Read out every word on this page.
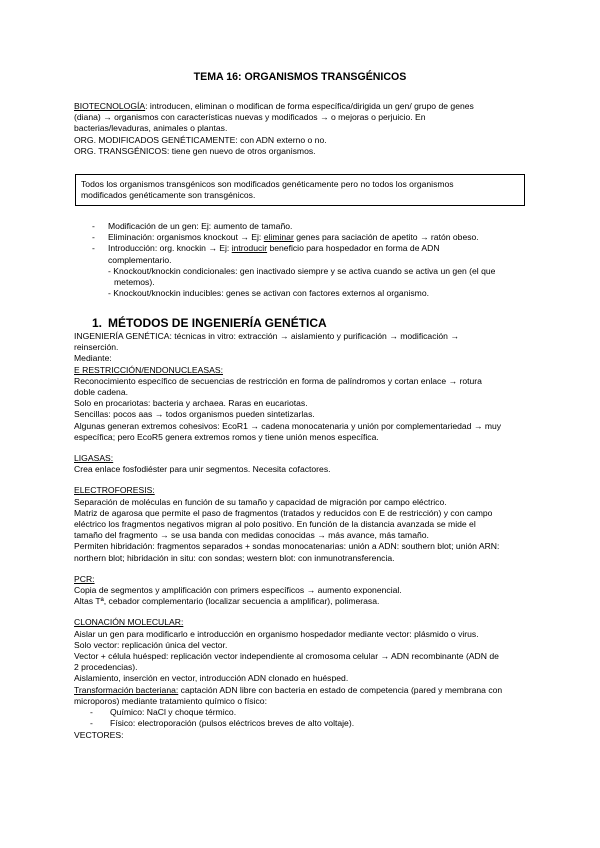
TEMA 16: ORGANISMOS TRANSGÉNICOS
BIOTECNOLOGÍA: introducen, eliminan o modifican de forma específica/dirigida un gen/ grupo de genes
(diana) → organismos con características nuevas y modificados → o mejoras o perjuicio. En
bacterias/levaduras, animales o plantas.
ORG. MODIFICADOS GENÉTICAMENTE: con ADN externo o no.
ORG. TRANSGÉNICOS: tiene gen nuevo de otros organismos.
Todos los organismos transgénicos son modificados genéticamente pero no todos los organismos
modificados genéticamente son transgénicos.
- Modificación de un gen: Ej: aumento de tamaño.
- Eliminación: organismos knockout → Ej: eliminar genes para saciación de apetito → ratón obeso.
- Introducción: org. knockin → Ej: introducir beneficio para hospedador en forma de ADN
complementario.
- Knockout/knockin condicionales: gen inactivado siempre y se activa cuando se activa un gen (el que
metemos).
- Knockout/knockin inducibles: genes se activan con factores externos al organismo.
1. MÉTODOS DE INGENIERÍA GENÉTICA
INGENIERÍA GENÉTICA: técnicas in vitro: extracción → aislamiento y purificación → modificación →
reinserción.
Mediante:
E RESTRICCIÓN/ENDONUCLEASAS:
Reconocimiento específico de secuencias de restricción en forma de palíndromos y cortan enlace → rotura
doble cadena.
Solo en procariotas: bacteria y archaea. Raras en eucariotas.
Sencillas: pocos aas → todos organismos pueden sintetizarlas.
Algunas generan extremos cohesivos: EcoR1 → cadena monocatenaria y unión por complementariedad → muy
específica; pero EcoR5 genera extremos romos y tiene unión menos específica.
LIGASAS:
Crea enlace fosfodiéster para unir segmentos. Necesita cofactores.
ELECTROFORESIS:
Separación de moléculas en función de su tamaño y capacidad de migración por campo eléctrico.
Matriz de agarosa que permite el paso de fragmentos (tratados y reducidos con E de restricción) y con campo
eléctrico los fragmentos negativos migran al polo positivo. En función de la distancia avanzada se mide el
tamaño del fragmento → se usa banda con medidas conocidas → más avance, más tamaño.
Permiten hibridación: fragmentos separados + sondas monocatenarias: unión a ADN: southern blot; unión ARN:
northern blot; hibridación in situ: con sondas; western blot: con inmunotransferencia.
PCR:
Copia de segmentos y amplificación con primers específicos → aumento exponencial.
Altas Tª, cebador complementario (localizar secuencia a amplificar), polimerasa.
CLONACIÓN MOLECULAR:
Aislar un gen para modificarlo e introducción en organismo hospedador mediante vector: plásmido o virus.
Solo vector: replicación única del vector.
Vector + célula huésped: replicación vector independiente al cromosoma celular → ADN recombinante (ADN de
2 procedencias).
Aislamiento, inserción en vector, introducción ADN clonado en huésped.
Transformación bacteriana: captación ADN libre con bacteria en estado de competencia (pared y membrana con
microporos) mediante tratamiento químico o físico:
- Químico: NaCl y choque térmico.
- Físico: electroporación (pulsos eléctricos breves de alto voltaje).
VECTORES:
